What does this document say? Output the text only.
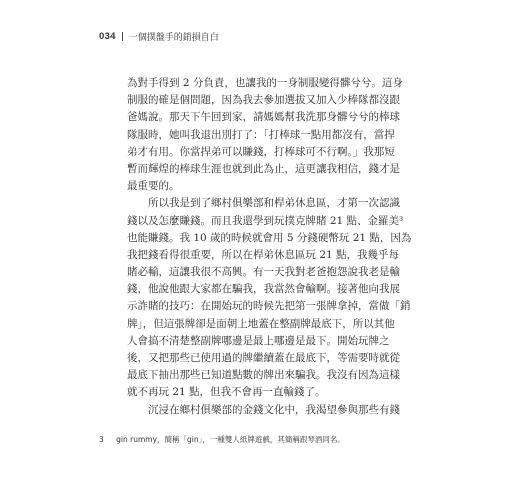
034 一個撲盤手的銷損自白
為對手得到 2 分負責，也讓我的一身制服變得髒兮兮。這身
制服的確是個問題，因為我去參加選拔又加入少棒隊都沒跟
爸媽說。那天下午回到家，請媽媽幫我洗那身髒兮兮的棒球
隊服時，她叫我退出別打了：「打棒球一點用都沒有，當捍
弟才有用。你當捍弟可以賺錢，打棒球可不行啊。」我那短
暫而輝煌的棒球生涯也就到此為止，這更讓我相信，錢才是
最重要的。
所以我是到了鄉村俱樂部和桿弟休息區，才第一次認識
錢以及怎麼賺錢。而且我還學到玩撲克牌賭 21 點、金羅美³
也能賺錢。我 10 歲的時候就會用 5 分錢硬幣玩 21 點，因為
我把錢看得很重要，所以在桿弟休息區玩 21 點，我幾乎每
賭必輸，這讓我很不高興。有一天我對老爸抱怨說我老是輸
錢，他說他跟大家都在騙我，我當然會輸啊。接著他向我展
示詐賭的技巧：在開始玩的時候先把第一張牌拿掉，當做「銷
牌」，但這張牌卻是面朝上地蓋在整副牌最底下，所以其他
人會搞不清楚整副牌哪邊是最上哪邊是最下。開始玩牌之
後，又把那些已使用過的牌繼續蓋在最底下，等需要時就從
最底下抽出那些已知道點數的牌出來騙我。我沒有因為這樣
就不再玩 21 點，但我不會再一直輸錢了。
沉浸在鄉村俱樂部的金錢文化中，我渴望參與那些有錢
3 gin rummy，簡稱「gin」，一種雙人紙牌遊戲，其簡稱跟琴酒同名。
